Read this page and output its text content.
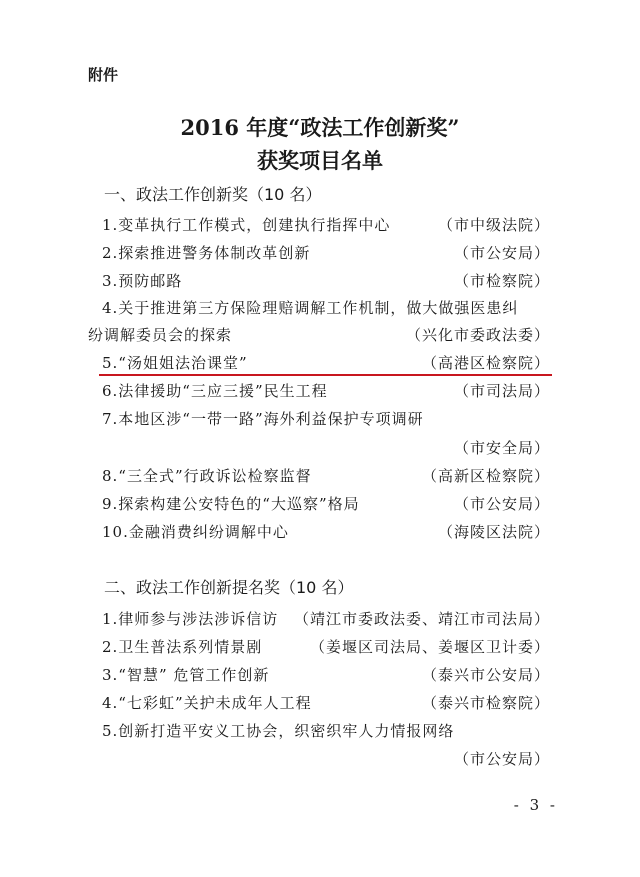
附件
2016 年度“政法工作创新奖”
获奖项目名单
一、政法工作创新奖（10 名）
1.变革执行工作模式，创建执行指挥中心	（市中级法院）
2.探索推进警务体制改革创新	（市公安局）
3.预防邮路	（市检察院）
4.关于推进第三方保险理赔调解工作机制，做大做强医患纠
纷调解委员会的探索	（兴化市委政法委）
5.“汤姐姐法治课堂”	（高港区检察院）
6.法律援助“三应三援”民生工程	（市司法局）
7.本地区涉“一带一路”海外利益保护专项调研
（市安全局）
8.“三全式”行政诉讼检察监督	（高新区检察院）
9.探索构建公安特色的“大巡察”格局	（市公安局）
10.金融消费纠纷调解中心	（海陵区法院）
二、政法工作创新提名奖（10 名）
1.律师参与涉法涉诉信访 （靖江市委政法委、靖江市司法局）
2.卫生普法系列情景剧	（姜堰区司法局、姜堰区卫计委）
3.“智慧” 危管工作创新	（泰兴市公安局）
4.“七彩虹”关护未成年人工程	（泰兴市检察院）
5.创新打造平安义工协会，织密织牢人力情报网络
（市公安局）
- 3 -
